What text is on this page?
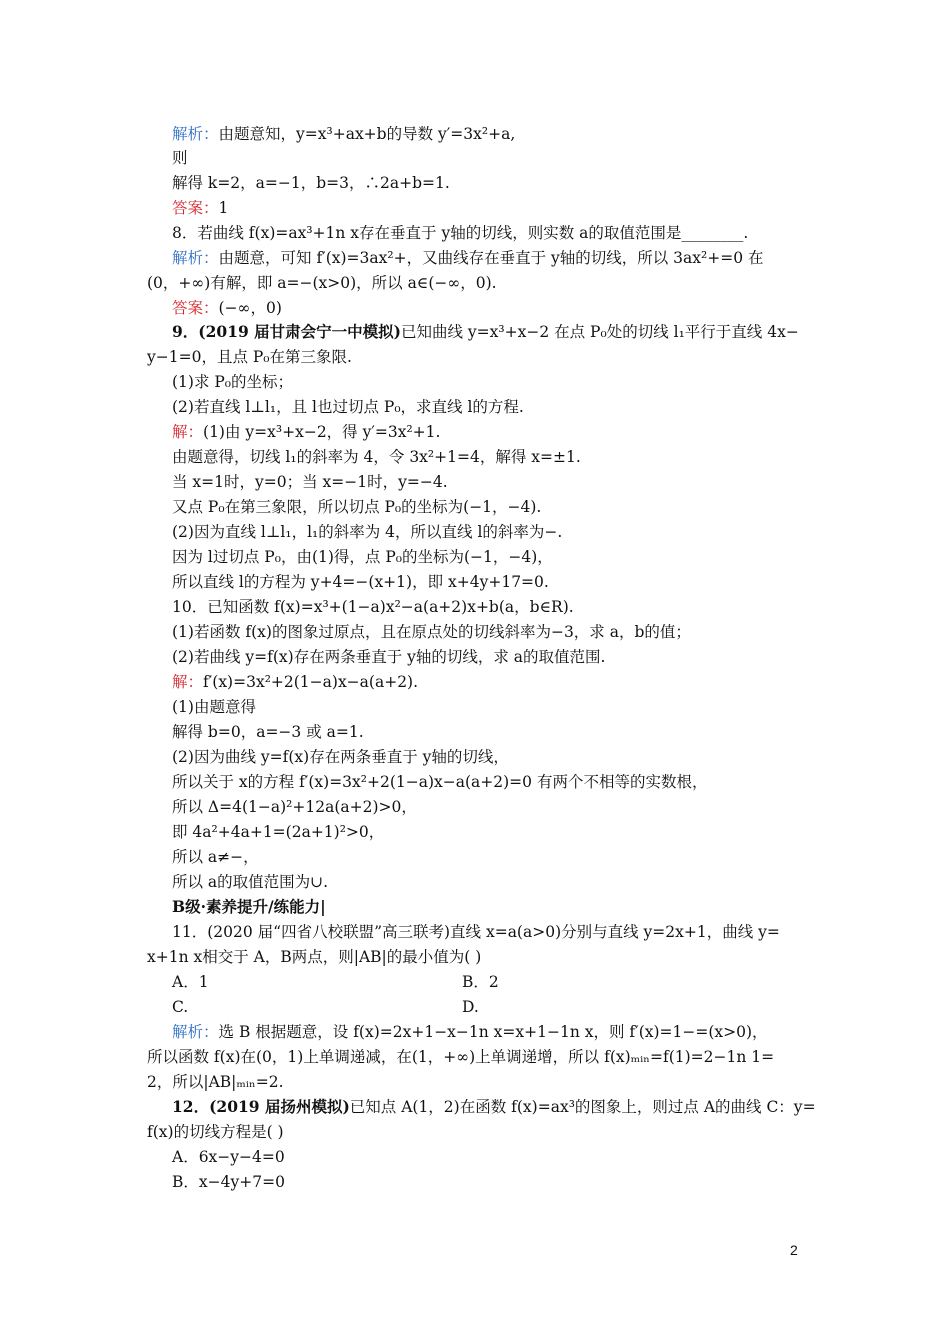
解析：由题意知，y=x³+ax+b的导数 y′=3x²+a,
则
解得 k=2，a=−1，b=3，∴2a+b=1.
答案：1
8．若曲线 f(x)=ax³+1n x存在垂直于 y轴的切线，则实数 a的取值范围是________.
解析：由题意，可知 f′(x)=3ax²+，又曲线存在垂直于 y轴的切线，所以 3ax²+=0 在
(0，+∞)有解，即 a=−(x>0)，所以 a∈(−∞，0).
答案：(−∞，0)
9．(2019 届甘肃会宁一中模拟)已知曲线 y=x³+x−2 在点 P₀处的切线 l₁平行于直线 4x−
y−1=0，且点 P₀在第三象限.
(1)求 P₀的坐标；
(2)若直线 l⊥l₁，且 l也过切点 P₀，求直线 l的方程.
解：(1)由 y=x³+x−2，得 y′=3x²+1.
由题意得，切线 l₁的斜率为 4，令 3x²+1=4，解得 x=±1.
当 x=1时，y=0；当 x=−1时，y=−4.
又点 P₀在第三象限，所以切点 P₀的坐标为(−1，−4).
(2)因为直线 l⊥l₁，l₁的斜率为 4，所以直线 l的斜率为−.
因为 l过切点 P₀，由(1)得，点 P₀的坐标为(−1，−4)，
所以直线 l的方程为 y+4=−(x+1)，即 x+4y+17=0.
10．已知函数 f(x)=x³+(1−a)x²−a(a+2)x+b(a，b∈R).
(1)若函数 f(x)的图象过原点，且在原点处的切线斜率为−3，求 a，b的值；
(2)若曲线 y=f(x)存在两条垂直于 y轴的切线，求 a的取值范围.
解：f′(x)=3x²+2(1−a)x−a(a+2).
(1)由题意得
解得 b=0，a=−3 或 a=1.
(2)因为曲线 y=f(x)存在两条垂直于 y轴的切线，
所以关于 x的方程 f′(x)=3x²+2(1−a)x−a(a+2)=0 有两个不相等的实数根，
所以 Δ=4(1−a)²+12a(a+2)>0，
即 4a²+4a+1=(2a+1)²>0，
所以 a≠−，
所以 a的取值范围为∪.
B级·素养提升/练能力|
11．(2020 届“四省八校联盟”高三联考)直线 x=a(a>0)分别与直线 y=2x+1，曲线 y=
x+1n x相交于 A，B两点，则|AB|的最小值为( )
A．1	B．2
C.	D.
解析：选 B 根据题意，设 f(x)=2x+1−x−1n x=x+1−1n x，则 f′(x)=1−=(x>0)，
所以函数 f(x)在(0，1)上单调递减，在(1，+∞)上单调递增，所以 f(x)ₘᵢₙ=f(1)=2−1n 1=
2，所以|AB|ₘᵢₙ=2.
12．(2019 届扬州模拟)已知点 A(1，2)在函数 f(x)=ax³的图象上，则过点 A的曲线 C：y=
f(x)的切线方程是( )
A．6x−y−4=0
B．x−4y+7=0
2
